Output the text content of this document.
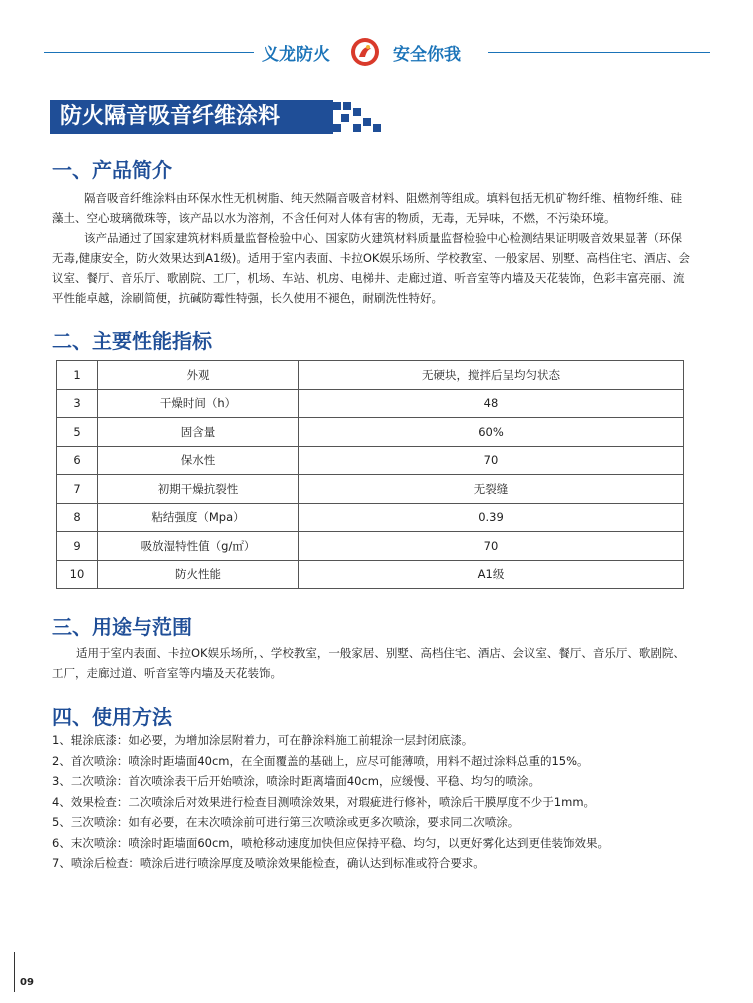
义龙防火	安全你我
防火隔音吸音纤维涂料
一、产品简介
隔音吸音纤维涂料由环保水性无机树脂、纯天然隔音吸音材料、阻燃剂等组成。填料包括无机矿物纤维、植物纤维、硅藻土、空心玻璃微珠等，该产品以水为溶剂，不含任何对人体有害的物质，无毒，无异味，不燃，不污染环境。
该产品通过了国家建筑材料质量监督检验中心、国家防火建筑材料质量监督检验中心检测结果证明吸音效果显著（环保无毒,健康安全，防火效果达到A1级)。适用于室内表面、卡拉OK娱乐场所、学校教室、一般家居、别墅、高档住宅、酒店、会议室、餐厅、音乐厅、歌剧院、工厂，机场、车站、机房、电梯井、走廊过道、听音室等内墙及天花装饰，色彩丰富亮丽、流平性能卓越，涂刷简便，抗碱防霉性特强，长久使用不褪色，耐刷洗性特好。
二、主要性能指标
1	外观	无硬块，搅拌后呈均匀状态
3	干燥时间（h）	48
5	固含量	60%
6	保水性	70
7	初期干燥抗裂性	无裂缝
8	粘结强度（Mpa）	0.39
9	吸放湿特性值（g/㎡）	70
10	防火性能	A1级
三、用途与范围
适用于室内表面、卡拉OK娱乐场所，、学校教室，一般家居、别墅、高档住宅、酒店、会议室、餐厅、音乐厅、歌剧院、工厂，走廊过道、听音室等内墙及天花装饰。
四、使用方法
1、辊涂底漆：如必要，为增加涂层附着力，可在静涂料施工前辊涂一层封闭底漆。
2、首次喷涂：喷涂时距墙面40cm，在全面覆盖的基础上，应尽可能薄喷，用料不超过涂料总重的15%。
3、二次喷涂：首次喷涂表干后开始喷涂，喷涂时距离墙面40cm，应缓慢、平稳、均匀的喷涂。
4、效果检查：二次喷涂后对效果进行检查目测喷涂效果，对瑕疵进行修补，喷涂后干膜厚度不少于1mm。
5、三次喷涂：如有必要，在末次喷涂前可进行第三次喷涂或更多次喷涂，要求同二次喷涂。
6、末次喷涂：喷涂时距墙面60cm，喷枪移动速度加快但应保持平稳、均匀，以更好雾化达到更佳装饰效果。
7、喷涂后检查：喷涂后进行喷涂厚度及喷涂效果能检查，确认达到标准或符合要求。
09
